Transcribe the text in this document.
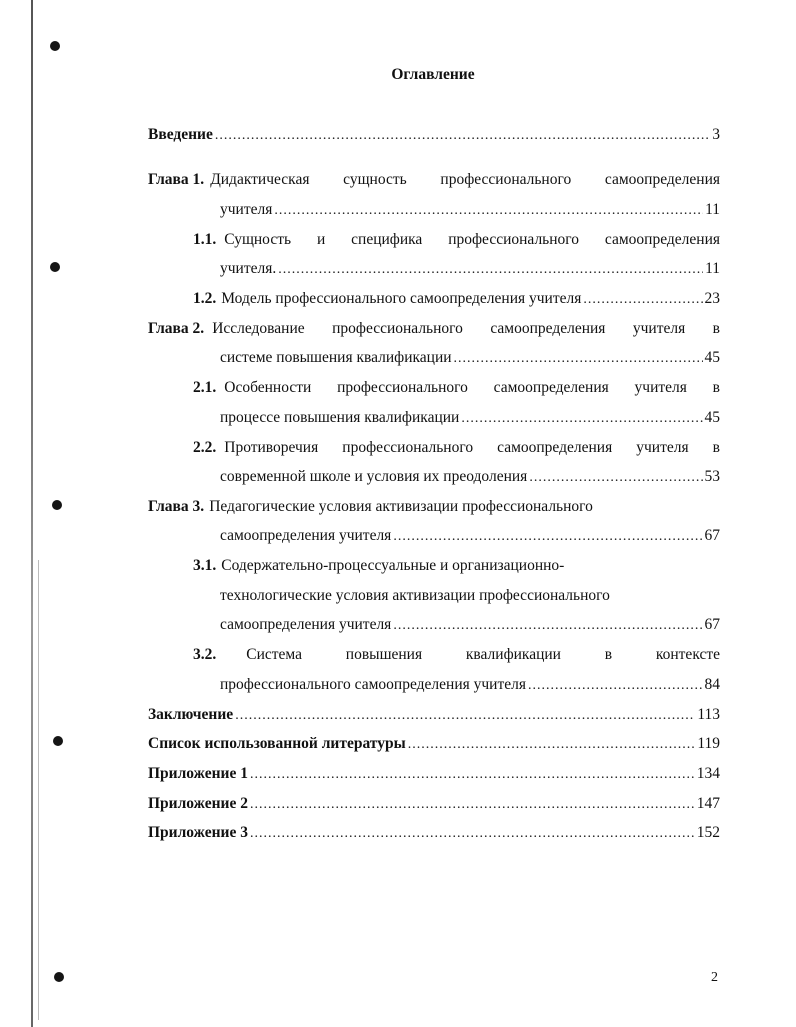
Оглавление
Введение .....	3
Глава 1. Дидактическая сущность профессионального самоопределения
учителя .....	11
1.1. Сущность и специфика профессионального самоопределения
учителя. .....	11
1.2. Модель профессионального самоопределения учителя .....	23
Глава 2. Исследование профессионального самоопределения учителя в
системе повышения квалификации .....	45
2.1. Особенности профессионального самоопределения учителя в
процессе повышения квалификации .....	45
2.2. Противоречия профессионального самоопределения учителя в
современной школе и условия их преодоления .....	53
Глава 3. Педагогические условия активизации профессионального
самоопределения учителя .....	67
3.1. Содержательно-процессуальные и организационно-
технологические условия активизации профессионального
самоопределения учителя .....	67
3.2. Система повышения квалификации в контексте
профессионального самоопределения учителя .....	84
Заключение .....	113
Список использованной литературы .....	119
Приложение 1 .....	134
Приложение 2 .....	147
Приложение 3 .....	152
2
